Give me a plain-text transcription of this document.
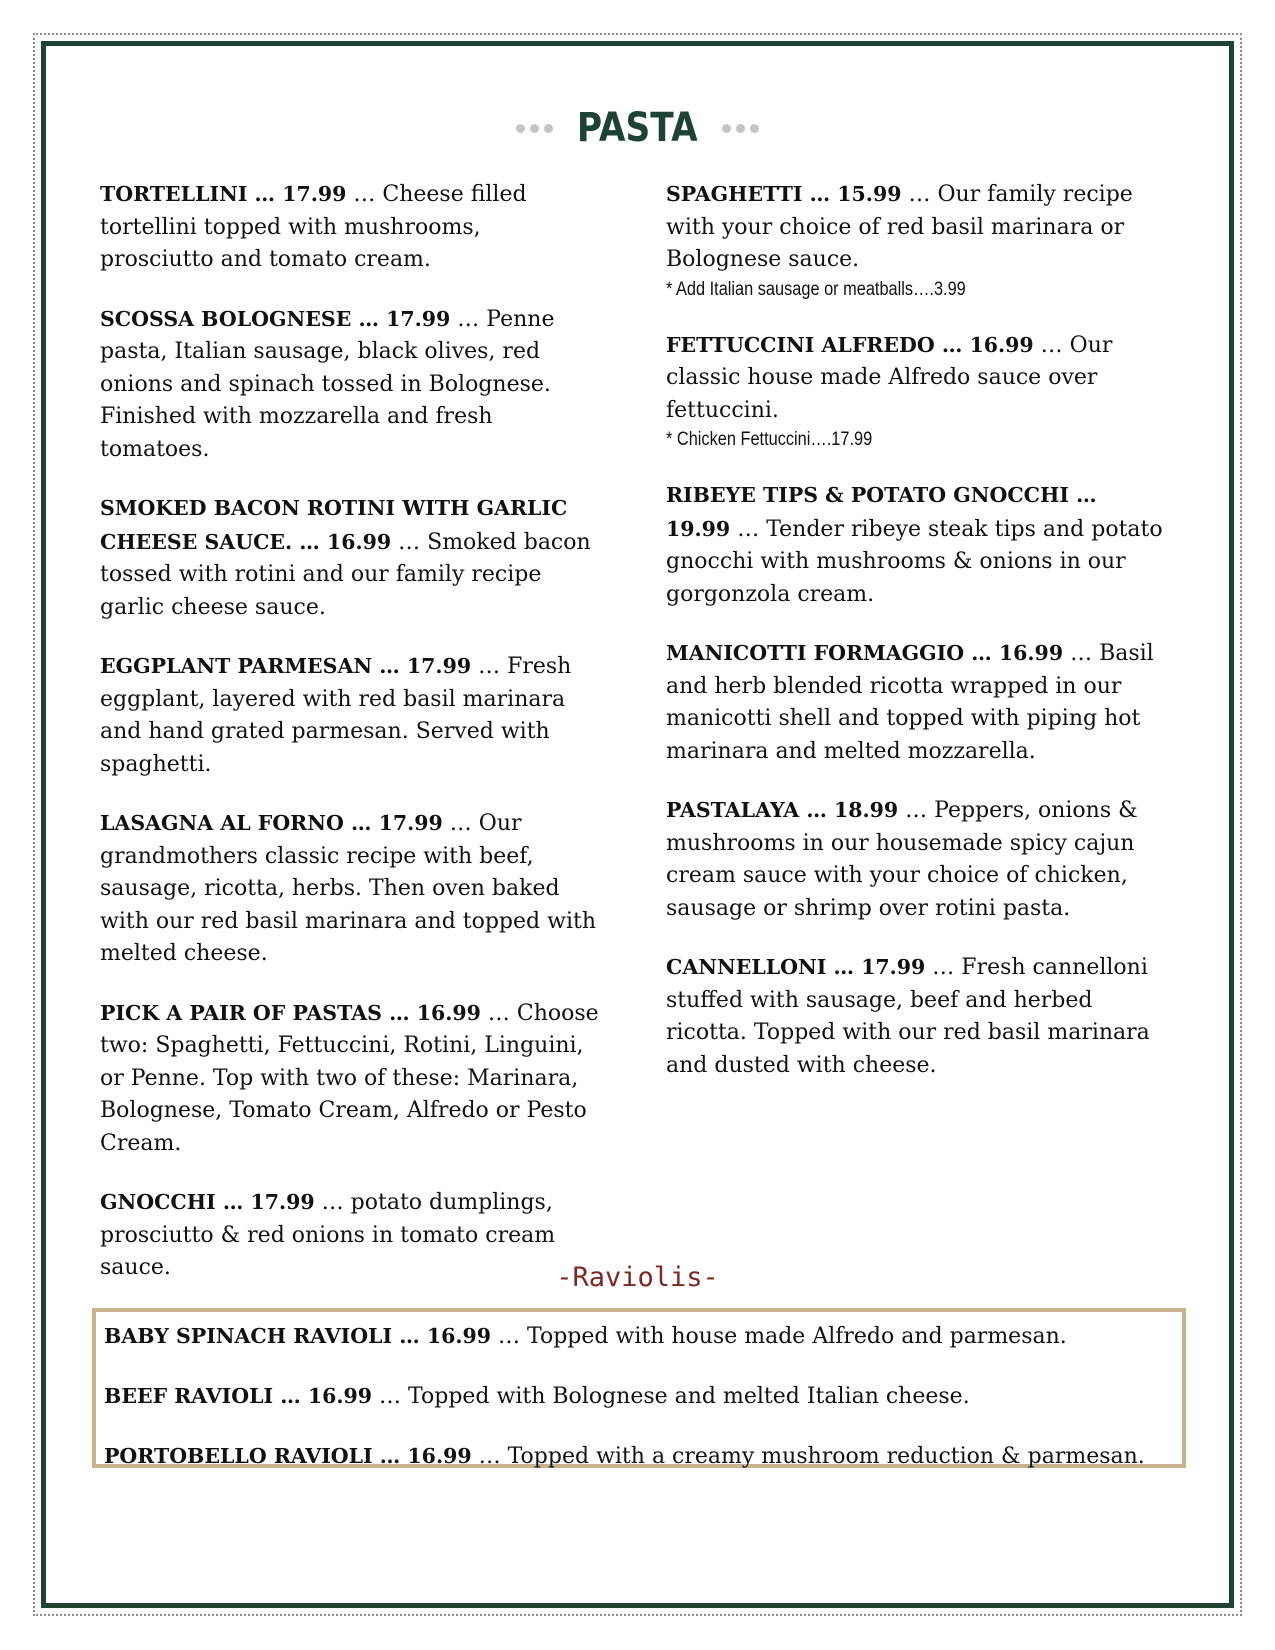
PASTA

TORTELLINI … 17.99 … Cheese filled tortellini topped with mushrooms, prosciutto and tomato cream.

SCOSSA BOLOGNESE … 17.99 … Penne pasta, Italian sausage, black olives, red onions and spinach tossed in Bolognese. Finished with mozzarella and fresh tomatoes.

SMOKED BACON ROTINI WITH GARLIC CHEESE SAUCE. … 16.99 … Smoked bacon tossed with rotini and our family recipe garlic cheese sauce.

EGGPLANT PARMESAN … 17.99 … Fresh eggplant, layered with red basil marinara and hand grated parmesan. Served with spaghetti.

LASAGNA AL FORNO … 17.99 … Our grandmothers classic recipe with beef, sausage, ricotta, herbs. Then oven baked with our red basil marinara and topped with melted cheese.

PICK A PAIR OF PASTAS … 16.99 … Choose two: Spaghetti, Fettuccini, Rotini, Linguini, or Penne. Top with two of these: Marinara, Bolognese, Tomato Cream, Alfredo or Pesto Cream.

GNOCCHI … 17.99 … potato dumplings, prosciutto & red onions in tomato cream sauce.

SPAGHETTI … 15.99 … Our family recipe with your choice of red basil marinara or Bolognese sauce.
* Add Italian sausage or meatballs….3.99

FETTUCCINI ALFREDO … 16.99 … Our classic house made Alfredo sauce over fettuccini.
* Chicken Fettuccini….17.99

RIBEYE TIPS & POTATO GNOCCHI … 19.99 … Tender ribeye steak tips and potato gnocchi with mushrooms & onions in our gorgonzola cream.

MANICOTTI FORMAGGIO … 16.99 … Basil and herb blended ricotta wrapped in our manicotti shell and topped with piping hot marinara and melted mozzarella.

PASTALAYA … 18.99 … Peppers, onions & mushrooms in our housemade spicy cajun cream sauce with your choice of chicken, sausage or shrimp over rotini pasta.

CANNELLONI … 17.99 … Fresh cannelloni stuffed with sausage, beef and herbed ricotta. Topped with our red basil marinara and dusted with cheese.

-Raviolis-

BABY SPINACH RAVIOLI … 16.99 … Topped with house made Alfredo and parmesan.

BEEF RAVIOLI … 16.99 … Topped with Bolognese and melted Italian cheese.

PORTOBELLO RAVIOLI … 16.99 … Topped with a creamy mushroom reduction & parmesan.
